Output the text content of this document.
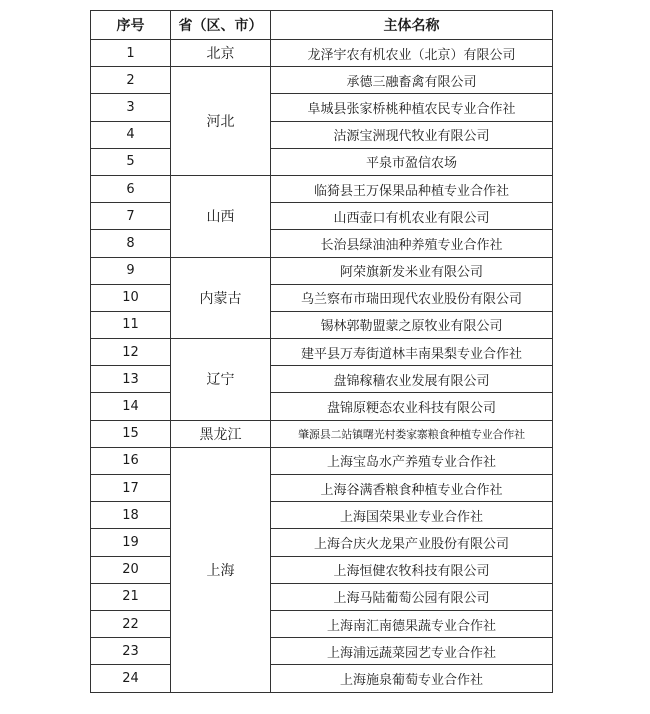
序号	省（区、市）	主体名称
1	北京	龙泽宇农有机农业（北京）有限公司
2	河北	承德三融畜禽有限公司
3		阜城县张家桥桃种植农民专业合作社
4		沽源宝洲现代牧业有限公司
5		平泉市盈信农场
6	山西	临猗县王万保果品种植专业合作社
7		山西壶口有机农业有限公司
8		长治县绿油油种养殖专业合作社
9	内蒙古	阿荣旗新发米业有限公司
10		乌兰察布市瑞田现代农业股份有限公司
11		锡林郭勒盟蒙之原牧业有限公司
12	辽宁	建平县万寿街道林丰南果梨专业合作社
13		盘锦稼穑农业发展有限公司
14		盘锦原粳态农业科技有限公司
15	黑龙江	肇源县二站镇曙光村娄家寨粮食种植专业合作社
16	上海	上海宝岛水产养殖专业合作社
17		上海谷满香粮食种植专业合作社
18		上海国荣果业专业合作社
19		上海合庆火龙果产业股份有限公司
20		上海恒健农牧科技有限公司
21		上海马陆葡萄公园有限公司
22		上海南汇南德果蔬专业合作社
23		上海浦远蔬菜园艺专业合作社
24		上海施泉葡萄专业合作社
